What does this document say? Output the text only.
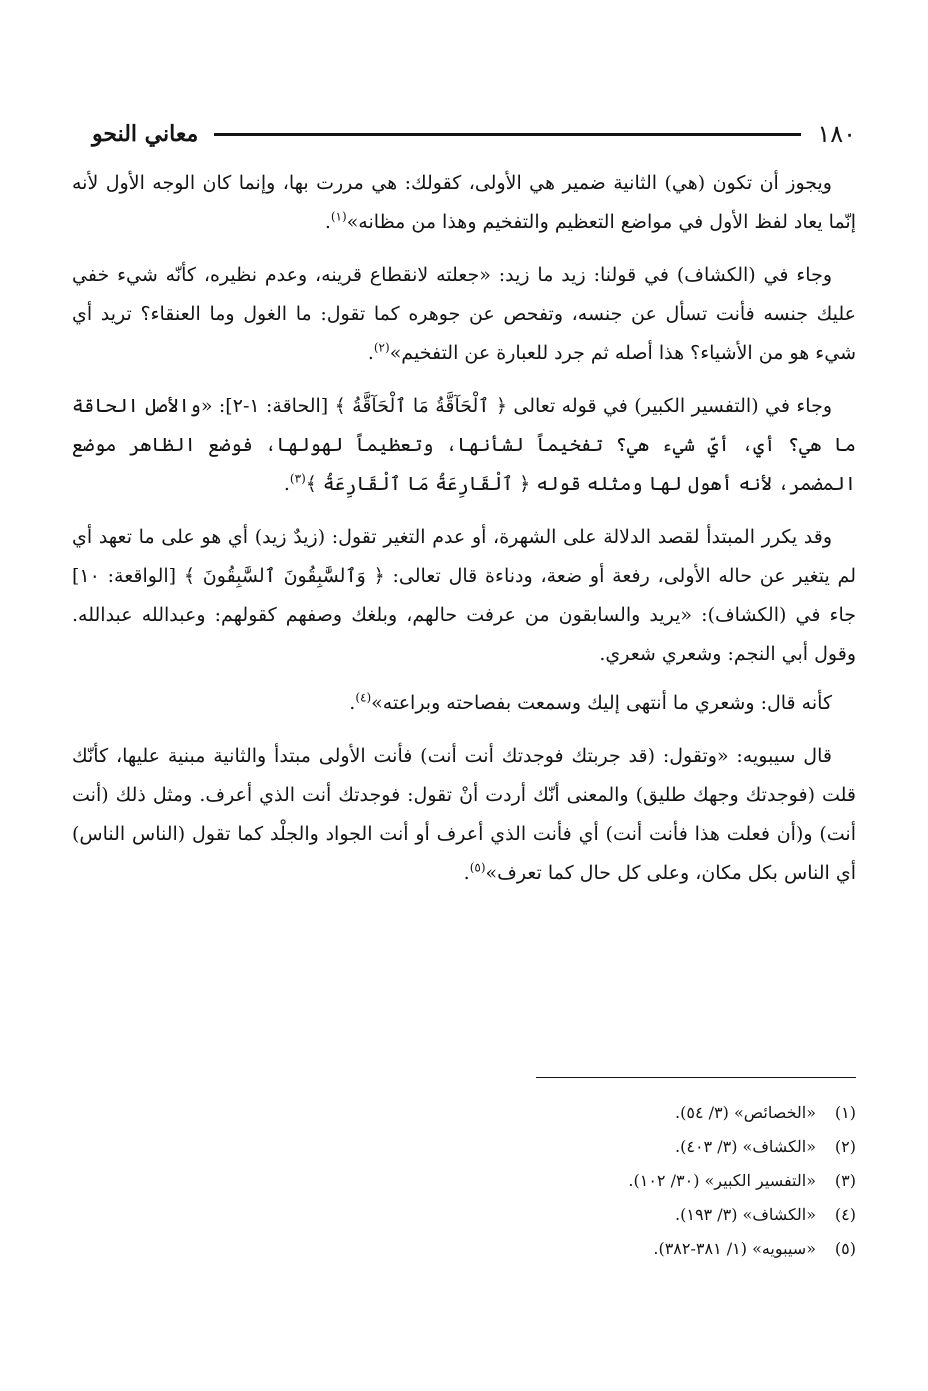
١٨٠
معاني النحو

ويجوز أن تكون (هي) الثانية ضمير هي الأولى، كقولك: هي مررت بها، وإنما كان الوجه الأول لأنه إنّما يعاد لفظ الأول في مواضع التعظيم والتفخيم وهذا من مظانه»$^{(١)}$.

وجاء في (الكشاف) في قولنا: زيد ما زيد: «جعلته لانقطاع قرينه، وعدم نظيره، كأنّه شيء خفي عليك جنسه فأنت تسأل عن جنسه، وتفحص عن جوهره كما تقول: ما الغول وما العنقاء؟ تريد أي شيء هو من الأشياء؟ هذا أصله ثم جرد للعبارة عن التفخيم»$^{(٢)}$.

وجاء في (التفسير الكبير) في قوله تعالى ﴿ ٱلْحَآقَّةُ مَا ٱلْحَآقَّةُ ﴾ [الحاقة: ١-٢]: «والأصل الحاقة ما هي؟ أي، أيّ شيء هي؟ تفخيماً لشأنها، وتعظيماً لهولها، فوضع الظاهر موضع المضمر، لأنه أهول لها ومثله قوله ﴿ ٱلْقَارِعَةُ مَا ٱلْقَارِعَةُ ﴾$^{(٣)}$.

وقد يكرر المبتدأ لقصد الدلالة على الشهرة، أو عدم التغير تقول: (زيدٌ زيد) أي هو على ما تعهد أي لم يتغير عن حاله الأولى، رفعة أو ضعة، ودناءة قال تعالى: ﴿ وَٱلسَّٰبِقُونَ ٱلسَّٰبِقُونَ ﴾ [الواقعة: ١٠] جاء في (الكشاف): «يريد والسابقون من عرفت حالهم، وبلغك وصفهم كقولهم: وعبدالله عبدالله. وقول أبي النجم: وشعري شعري.

كأنه قال: وشعري ما أنتهى إليك وسمعت بفصاحته وبراعته»$^{(٤)}$.

قال سيبويه: «وتقول: (قد جربتك فوجدتك أنت أنت) فأنت الأولى مبتدأ والثانية مبنية عليها، كأنّك قلت (فوجدتك وجهك طليق) والمعنى أنّك أردت أنْ تقول: فوجدتك أنت الذي أعرف. ومثل ذلك (أنت أنت) و(أن فعلت هذا فأنت أنت) أي فأنت الذي أعرف أو أنت الجواد والجلْد كما تقول (الناس الناس) أي الناس بكل مكان، وعلى كل حال كما تعرف»$^{(٥)}$.

(١)«الخصائص» (٣/ ٥٤).
(٢)«الكشاف» (٣/ ٤٠٣).
(٣)«التفسير الكبير» (٣٠/ ١٠٢).
(٤)«الكشاف» (٣/ ١٩٣).
(٥)«سيبويه» (١/ ٣٨١-٣٨٢).
